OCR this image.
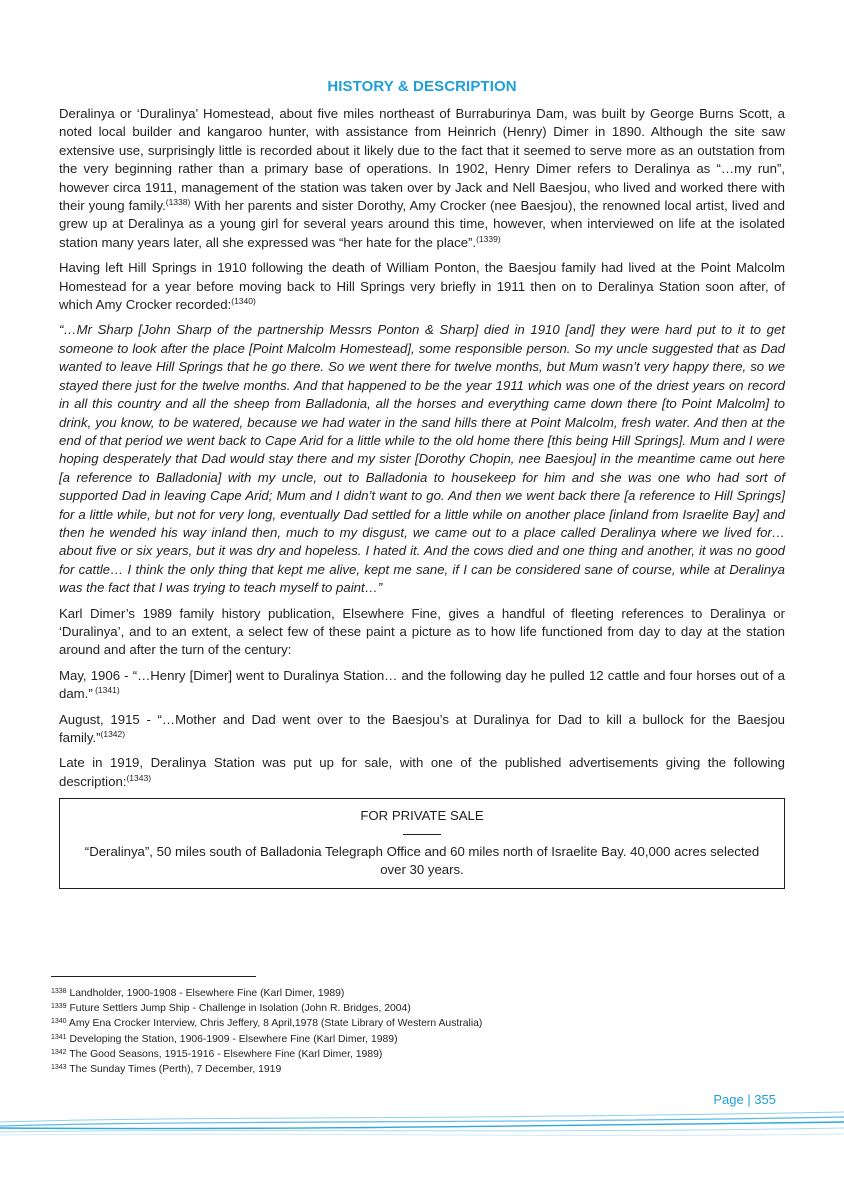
HISTORY & DESCRIPTION

Deralinya or ‘Duralinya’ Homestead, about five miles northeast of Burraburinya Dam, was built by George Burns Scott, a noted local builder and kangaroo hunter, with assistance from Heinrich (Henry) Dimer in 1890. Although the site saw extensive use, surprisingly little is recorded about it likely due to the fact that it seemed to serve more as an outstation from the very beginning rather than a primary base of operations. In 1902, Henry Dimer refers to Deralinya as “…my run”, however circa 1911, management of the station was taken over by Jack and Nell Baesjou, who lived and worked there with their young family.$^{(1338)}$ With her parents and sister Dorothy, Amy Crocker (nee Baesjou), the renowned local artist, lived and grew up at Deralinya as a young girl for several years around this time, however, when interviewed on life at the isolated station many years later, all she expressed was “her hate for the place”.$^{(1339)}$

Having left Hill Springs in 1910 following the death of William Ponton, the Baesjou family had lived at the Point Malcolm Homestead for a year before moving back to Hill Springs very briefly in 1911 then on to Deralinya Station soon after, of which Amy Crocker recorded:$^{(1340)}$

“…Mr Sharp [John Sharp of the partnership Messrs Ponton & Sharp] died in 1910 [and] they were hard put to it to get someone to look after the place [Point Malcolm Homestead], some responsible person. So my uncle suggested that as Dad wanted to leave Hill Springs that he go there. So we went there for twelve months, but Mum wasn’t very happy there, so we stayed there just for the twelve months. And that happened to be the year 1911 which was one of the driest years on record in all this country and all the sheep from Balladonia, all the horses and everything came down there [to Point Malcolm] to drink, you know, to be watered, because we had water in the sand hills there at Point Malcolm, fresh water. And then at the end of that period we went back to Cape Arid for a little while to the old home there [this being Hill Springs]. Mum and I were hoping desperately that Dad would stay there and my sister [Dorothy Chopin, nee Baesjou] in the meantime came out here [a reference to Balladonia] with my uncle, out to Balladonia to housekeep for him and she was one who had sort of supported Dad in leaving Cape Arid; Mum and I didn’t want to go. And then we went back there [a reference to Hill Springs] for a little while, but not for very long, eventually Dad settled for a little while on another place [inland from Israelite Bay] and then he wended his way inland then, much to my disgust, we came out to a place called Deralinya where we lived for… about five or six years, but it was dry and hopeless. I hated it. And the cows died and one thing and another, it was no good for cattle… I think the only thing that kept me alive, kept me sane, if I can be considered sane of course, while at Deralinya was the fact that I was trying to teach myself to paint…”

Karl Dimer’s 1989 family history publication, Elsewhere Fine, gives a handful of fleeting references to Deralinya or ‘Duralinya’, and to an extent, a select few of these paint a picture as to how life functioned from day to day at the station around and after the turn of the century:

May, 1906 - “…Henry [Dimer] went to Duralinya Station… and the following day he pulled 12 cattle and four horses out of a dam.” $^{(1341)}$

August, 1915 - “…Mother and Dad went over to the Baesjou’s at Duralinya for Dad to kill a bullock for the Baesjou family.”$^{(1342)}$

Late in 1919, Deralinya Station was put up for sale, with one of the published advertisements giving the following description:$^{(1343)}$

FOR PRIVATE SALE
“Deralinya”, 50 miles south of Balladonia Telegraph Office and 60 miles north of Israelite Bay. 40,000 acres selected over 30 years.
$^{1338}$ Landholder, 1900-1908 - Elsewhere Fine (Karl Dimer, 1989)
$^{1339}$ Future Settlers Jump Ship - Challenge in Isolation (John R. Bridges, 2004)
$^{1340}$ Amy Ena Crocker Interview, Chris Jeffery, 8 April,1978 (State Library of Western Australia)
$^{1341}$ Developing the Station, 1906-1909 - Elsewhere Fine (Karl Dimer, 1989)
$^{1342}$ The Good Seasons, 1915-1916 - Elsewhere Fine (Karl Dimer, 1989)
$^{1343}$ The Sunday Times (Perth), 7 December, 1919
Page | 355
